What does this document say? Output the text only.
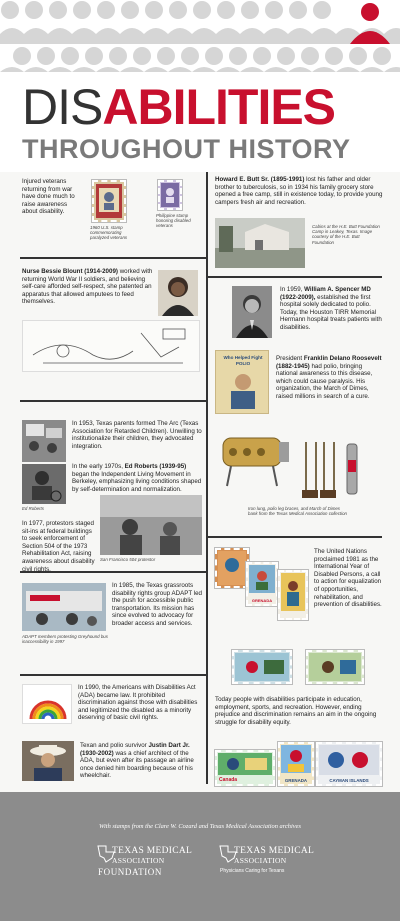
DISABILITIES
THROUGHOUT HISTORY
Injured veterans returning from war have done much to raise awareness about disability.
1960 U.S. stamp commemorating paralyzed veterans
Philippine stamp honoring disabled veterans
Nurse Bessie Blount (1914-2009) worked with returning World War II soldiers, and believing self-care afforded self-respect, she patented an apparatus that allowed amputees to feed themselves.
Ed Roberts
In 1953, Texas parents formed The Arc (Texas Association for Retarded Children). Unwilling to institutionalize their children, they advocated integration.
In the early 1970s, Ed Roberts (1939-95) began the Independent Living Movement in Berkeley, emphasizing living conditions shaped by self-determination and normalization.
In 1977, protestors staged sit-ins at federal buildings to seek enforcement of Section 504 of the 1973 Rehabilitation Act, raising awareness about disability civil rights.
San Francisco 504 protestor
ADAPT members protesting Greyhound bus inaccessibility in 1997
In 1985, the Texas grassroots disability rights group ADAPT led the push for accessible public transportation. Its mission has since evolved to advocacy for broader access and services.
In 1990, the Americans with Disabilities Act (ADA) became law. It prohibited discrimination against those with disabilities and legitimized the disabled as a minority deserving of basic civil rights.
Texan and polio survivor Justin Dart Jr. (1930-2002) was a chief architect of the ADA, but even after its passage an airline once denied him boarding because of his wheelchair.
Howard E. Butt Sr. (1895-1991) lost his father and older brother to tuberculosis, so in 1934 his family grocery store opened a free camp, still in existence today, to provide young campers fresh air and recreation.
Cabins at the H.E. Butt Foundation Camp in Leakey, Texas. Image courtesy of the H.E. Butt Foundation
In 1959, William A. Spencer MD (1922-2009), established the first hospital solely dedicated to polio. Today, the Houston TIRR Memorial Hermann hospital treats patients with disabilities.
Who Helped Fight POLIO
President Franklin Delano Roosevelt (1882-1945) had polio, bringing national awareness to this disease, which could cause paralysis. His organization, the March of Dimes, raised millions in search of a cure.
Iron lung, polio leg braces, and March of Dimes bank from the Texas Medical Association collection
GRENADA
The United Nations proclaimed 1981 as the International Year of Disabled Persons, a call to action for equalization of opportunities, rehabilitation, and prevention of disabilities.
Today people with disabilities participate in education, employment, sports, and recreation. However, ending prejudice and discrimination remains an aim in the ongoing struggle for disability equity.
Canada	GRENADA	CAYMAN ISLANDS
With stamps from the Clare W. Cozard and Texas Medical Association archives
TEXAS MEDICAL
ASSOCIATION
FOUNDATION
TEXAS MEDICAL
ASSOCIATION
Physicians Caring for Texans
